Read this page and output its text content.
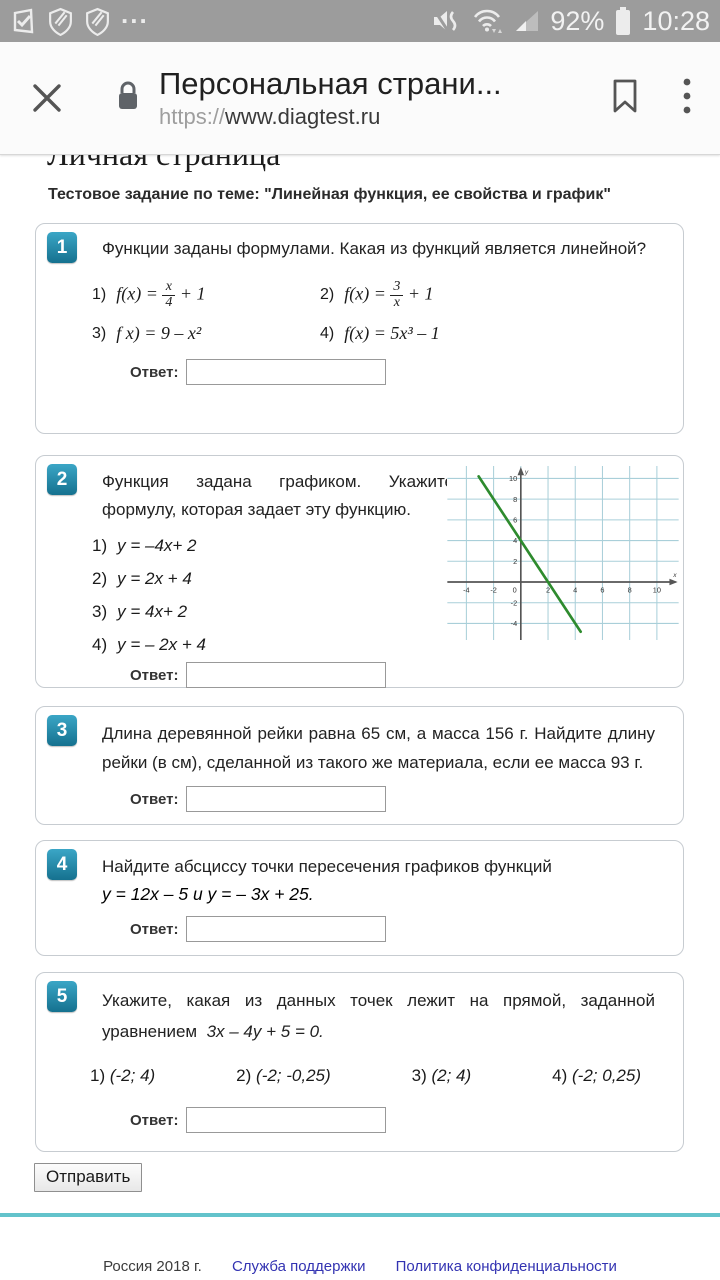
...	92% 10:28
Персональная страни...
https://www.diagtest.ru
Тестовое задание по теме: "Линейная функция, ее свойства и график"
1	Функции заданы формулами. Какая из функций является линейной?
1) $f(x) = \frac{x}{4} + 1$	2) $f(x) = \frac{3}{x} + 1$
3) f x) = 9 – x²	4) f(x) = 5x³ – 1
Ответ:
2	Функция задана графиком. Укажите формулу, которая задает эту функцию.
1) y = –4x+ 2
2) y = 2x + 4
3) y = 4x+ 2
4) y = – 2x + 4
-4	-2 0	2	4	6	8	10
10
8
6
4
2
-2
-4
x
y
Ответ:
3	Длина деревянной рейки равна 65 см, а масса 156 г. Найдите длину рейки (в см), сделанной из такого же материала, если ее масса 93 г.
Ответ:
4	Найдите абсциссу точки пересечения графиков функций
y = 12x – 5 и y = – 3x + 25.
Ответ:
5	Укажите, какая из данных точек лежит на прямой, заданной уравнением 3x – 4y + 5 = 0.
1) (-2; 4)	2) (-2; -0,25)	3) (2; 4)	4) (-2; 0,25)
Ответ:
Отправить
Россия 2018 г. Служба поддержки Политика конфиденциальности
